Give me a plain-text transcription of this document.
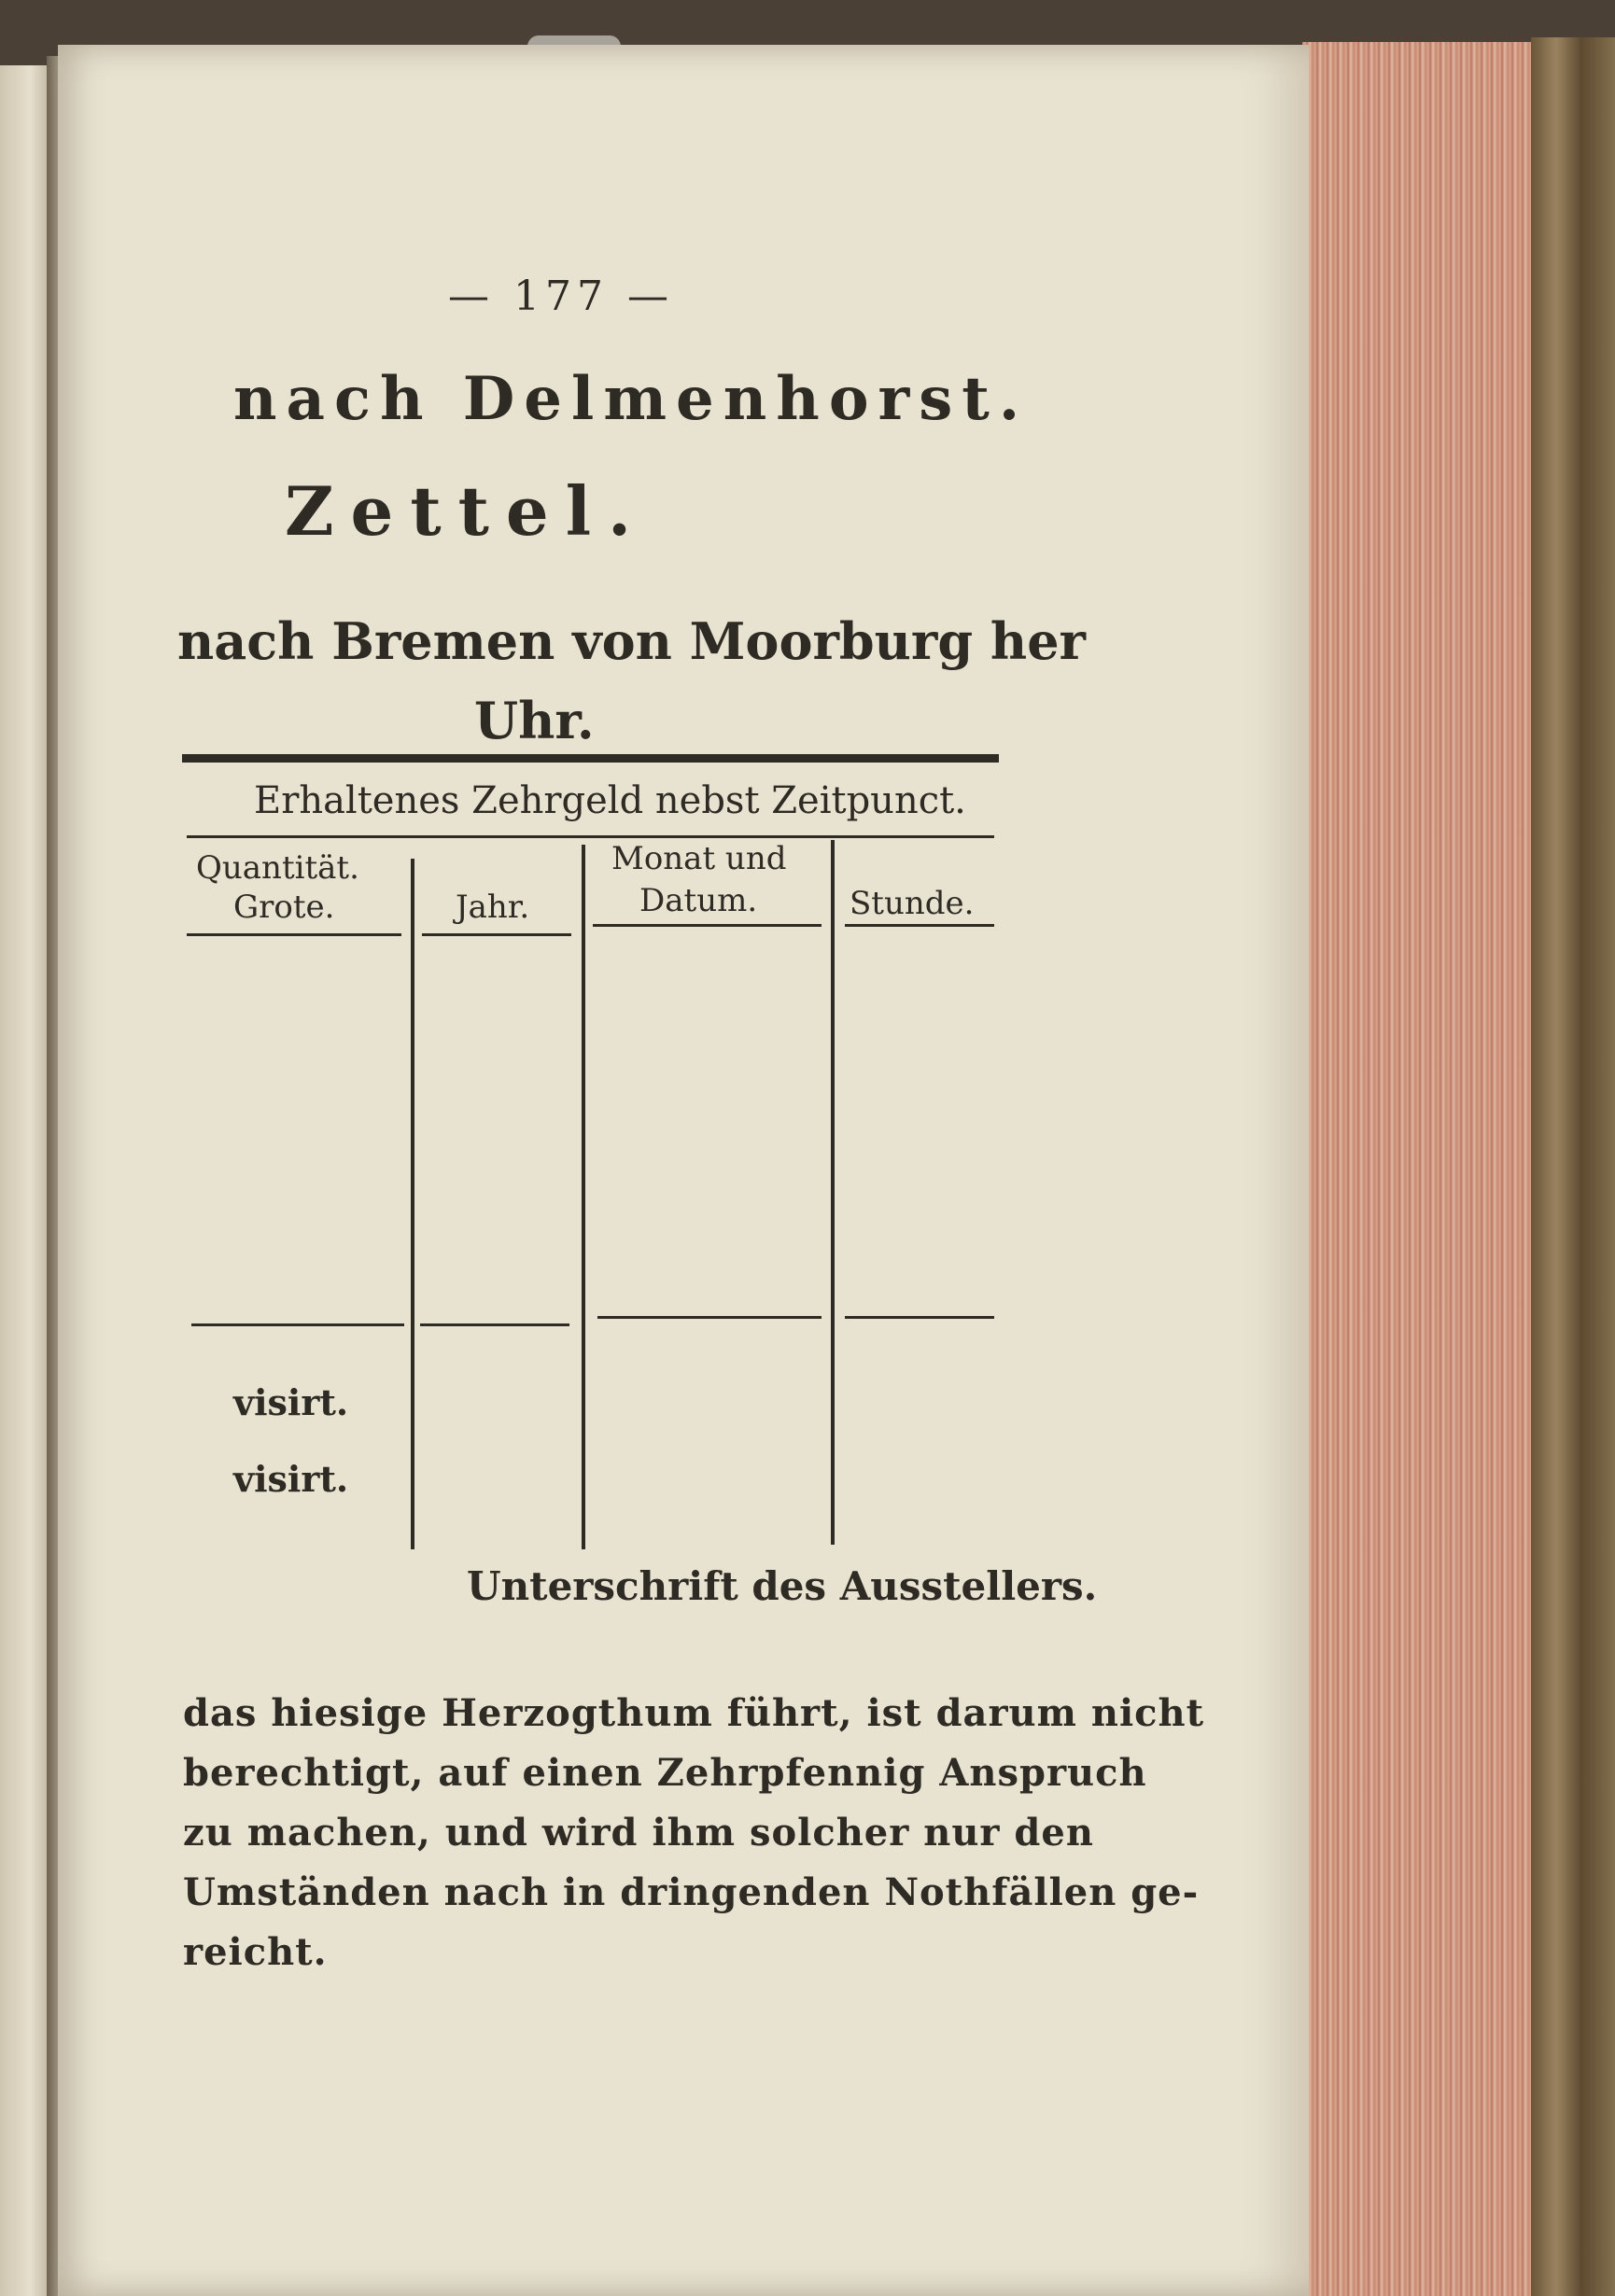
— 177 —
nach Delmenhorst.
Zettel.
nach Bremen von Moorburg her
Uhr.
Erhaltenes Zehrgeld nebst Zeitpunct.
Quantität.
Grote.	Jahr.
Monat und
Datum.	Stunde.
visirt.
visirt.
Unterschrift des Ausstellers.
das hiesige Herzogthum führt, ist darum nicht
berechtigt, auf einen Zehrpfennig Anspruch
zu machen, und wird ihm solcher nur den
Umständen nach in dringenden Nothfällen ge-
reicht.
